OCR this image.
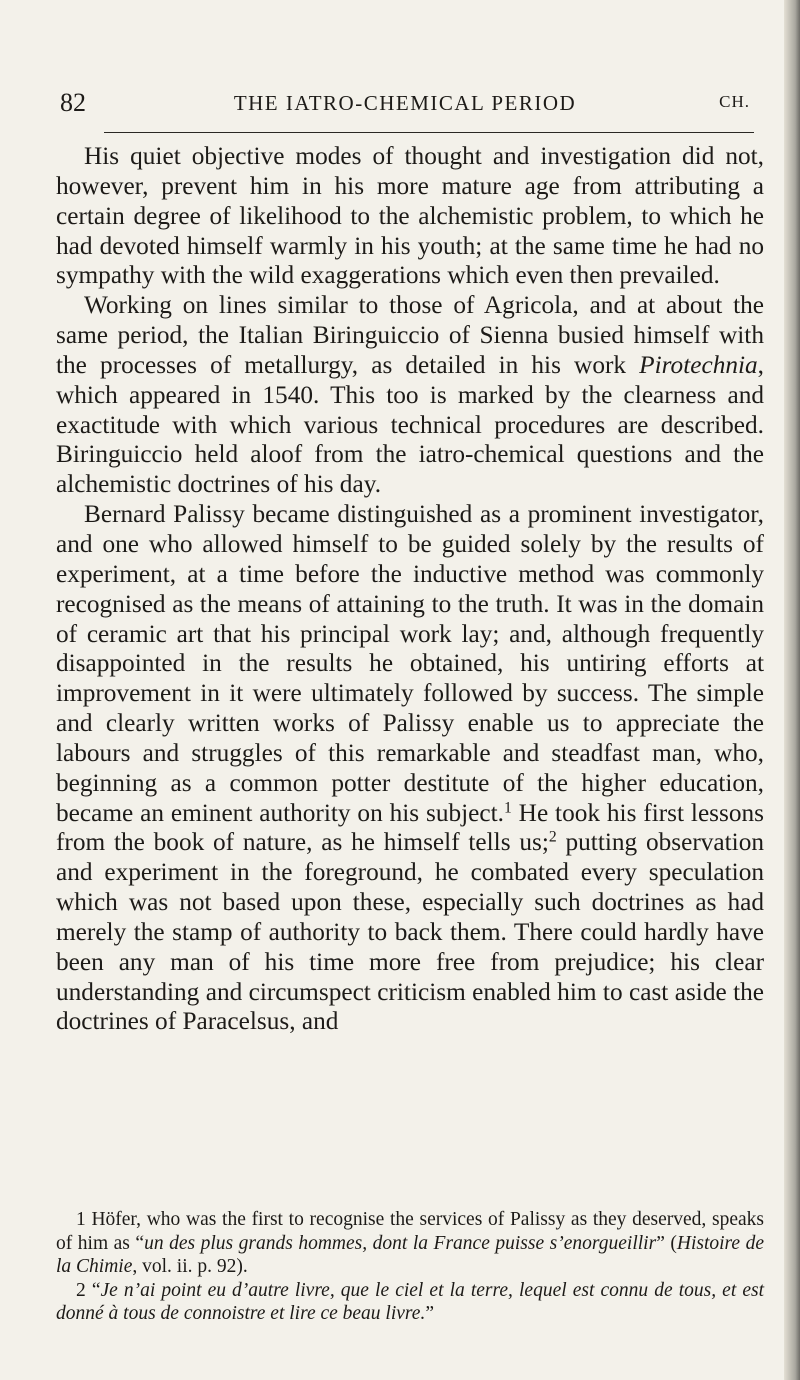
82	THE IATRO-CHEMICAL PERIOD	CH.

His quiet objective modes of thought and investigation did not, however, prevent him in his more mature age from attributing a certain degree of likelihood to the alchemistic problem, to which he had devoted himself warmly in his youth; at the same time he had no sympathy with the wild exaggerations which even then prevailed.

Working on lines similar to those of Agricola, and at about the same period, the Italian Biringuiccio of Sienna busied himself with the processes of metallurgy, as detailed in his work Pirotechnia, which appeared in 1540. This too is marked by the clearness and exactitude with which various technical procedures are described. Biringuiccio held aloof from the iatro-chemical questions and the alchemistic doctrines of his day.

Bernard Palissy became distinguished as a prominent investigator, and one who allowed himself to be guided solely by the results of experiment, at a time before the inductive method was commonly recognised as the means of attaining to the truth. It was in the domain of ceramic art that his principal work lay; and, although frequently disappointed in the results he obtained, his untiring efforts at improvement in it were ultimately followed by success. The simple and clearly written works of Palissy enable us to appreciate the labours and struggles of this remarkable and steadfast man, who, beginning as a common potter destitute of the higher education, became an eminent authority on his subject.$^1$ He took his first lessons from the book of nature, as he himself tells us;$^2$ putting observation and experiment in the foreground, he combated every speculation which was not based upon these, especially such doctrines as had merely the stamp of authority to back them. There could hardly have been any man of his time more free from prejudice; his clear understanding and circumspect criticism enabled him to cast aside the doctrines of Paracelsus, and

1 Höfer, who was the first to recognise the services of Palissy as they deserved, speaks of him as “un des plus grands hommes, dont la France puisse s’enorgueillir” (Histoire de la Chimie, vol. ii. p. 92).

2 “Je n’ai point eu d’autre livre, que le ciel et la terre, lequel est connu de tous, et est donné à tous de connoistre et lire ce beau livre.”
